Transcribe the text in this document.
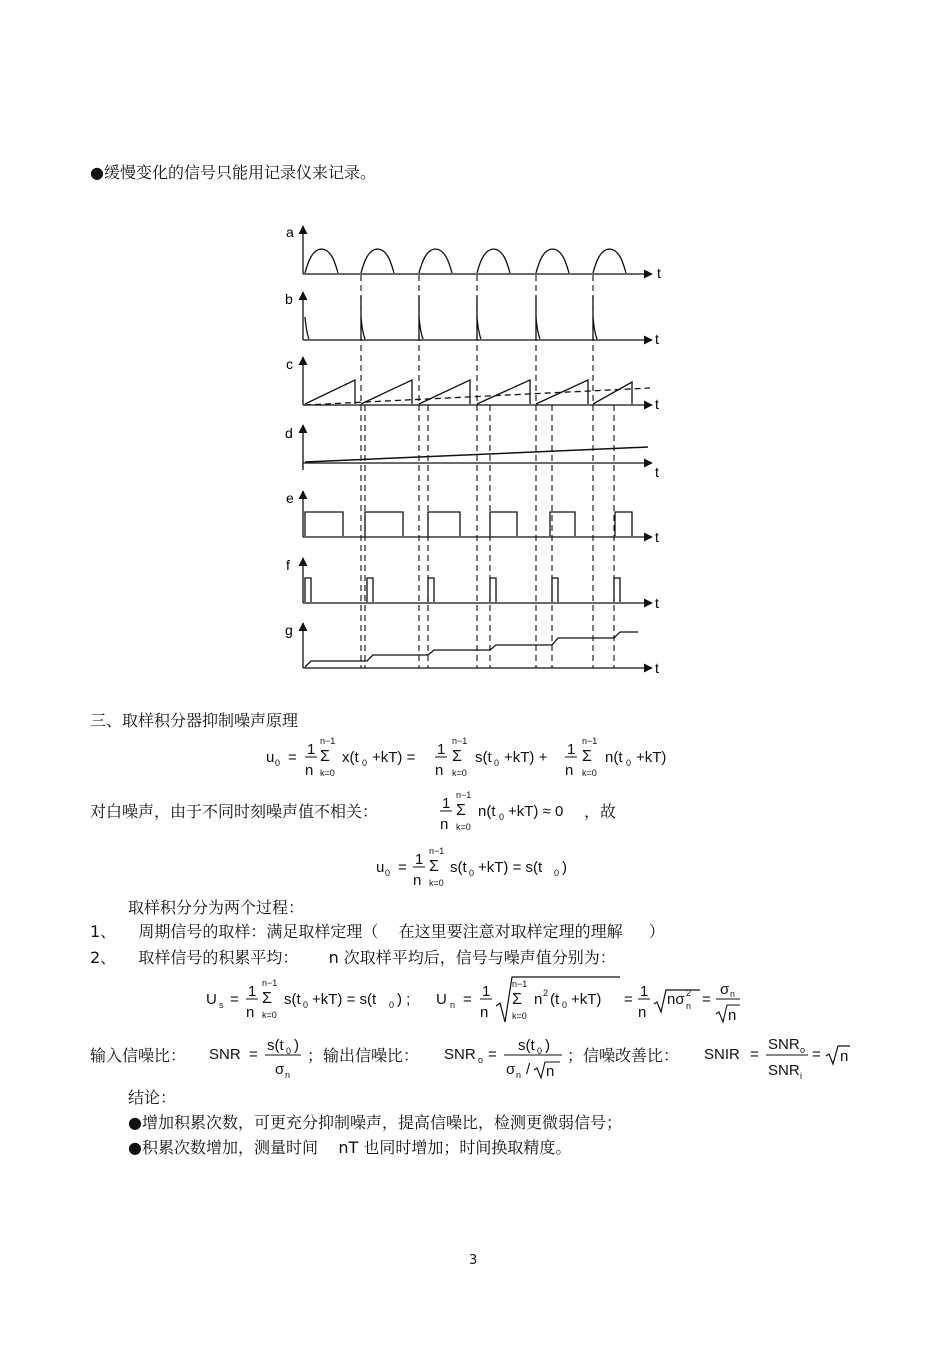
●缓慢变化的信号只能用记录仪来记录。
a
b
c
d
e
f
g
t
t
t
t
t
t
t
三、取样积分器抑制噪声原理
u 0 = 1
n
n−1
Σ
k=0
x(t 0 +kT) = 1
n
n−1
Σ
k=0
s(t 0 +kT) + 1
n
n−1
Σ
k=0
n(t 0 +kT)
对白噪声，由于不同时刻噪声值不相关：	1
n
n−1
Σ
k=0
n(t 0 +kT) ≈ 0 ，故
u 0 = 1
n
n−1
Σ
k=0
s(t 0 +kT) = s(t 0 )
取样积分分为两个过程：
1、 周期信号的取样：满足取样定理（ 在这里要注意对取样定理的理解 ）
2、 取样信号的积累平均： n 次取样平均后，信号与噪声值分别为：
U s = 1
n
n−1
Σ
k=0
s(t 0 +kT) = s(t 0 ) ; U n = 1
n
n−1
Σ
k=0
n 2 (t 0 +kT) = 1
n
nσ 2
n =
σ n
n
输入信噪比： SNR =
s(t 0 )
σ n
；输出信噪比： SNR o =
s(t 0 )
σ n / n
；信噪改善比： SNIR =
SNR o
SNR i
= n
结论：
●增加积累次数，可更充分抑制噪声，提高信噪比，检测更微弱信号；
●积累次数增加，测量时间    nT 也同时增加；时间换取精度。
3
